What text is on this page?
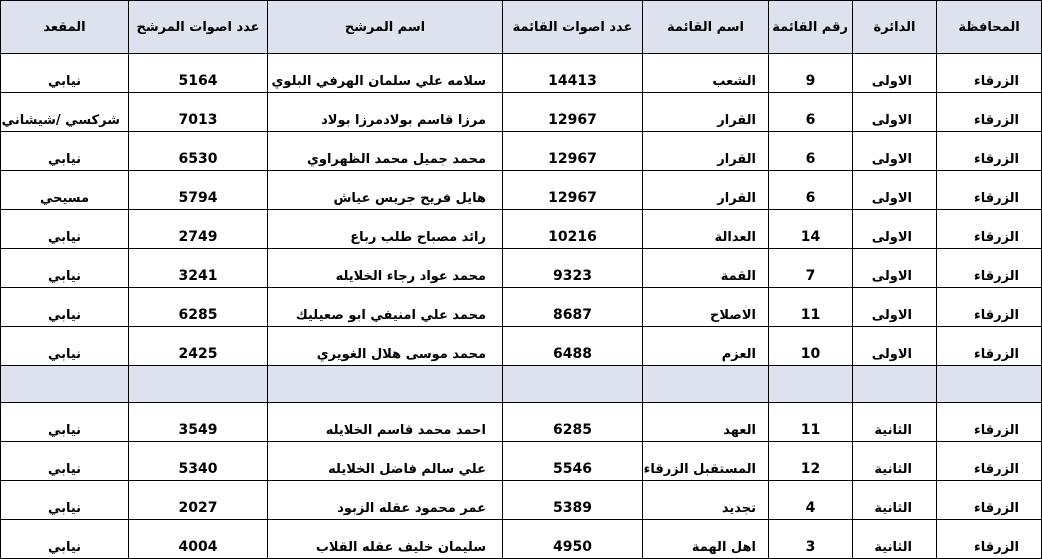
المحافظة	الدائرة	رقم القائمة	اسم القائمة	عدد اصوات القائمة	اسم المرشح	عدد اصوات المرشح	المقعد
الزرقاء	الاولى	9	الشعب	14413	سلامه علي سلمان الهرفي البلوي	5164	نيابي
الزرقاء	الاولى	6	القرار	12967	مرزا قاسم بولادمرزا بولاد	7013	شركسي /شيشاني
الزرقاء	الاولى	6	القرار	12967	محمد جميل محمد الظهراوي	6530	نيابي
الزرقاء	الاولى	6	القرار	12967	هايل فريح جريس عياش	5794	مسيحي
الزرقاء	الاولى	14	العدالة	10216	رائد مصباح طلب رباع	2749	نيابي
الزرقاء	الاولى	7	القمة	9323	محمد عواد رجاء الخلايله	3241	نيابي
الزرقاء	الاولى	11	الاصلاح	8687	محمد علي امنيفي ابو صعيليك	6285	نيابي
الزرقاء	الاولى	10	العزم	6488	محمد موسى هلال الغويري	2425	نيابي

الزرقاء	الثانية	11	العهد	6285	احمد محمد قاسم الخلايله	3549	نيابي
الزرقاء	الثانية	12	المستقبل الزرقاء	5546	علي سالم فاضل الخلايله	5340	نيابي
الزرقاء	الثانية	4	تجديد	5389	عمر محمود عقله الزبود	2027	نيابي
الزرقاء	الثانية	3	اهل الهمة	4950	سليمان خليف عقله القلاب	4004	نيابي
